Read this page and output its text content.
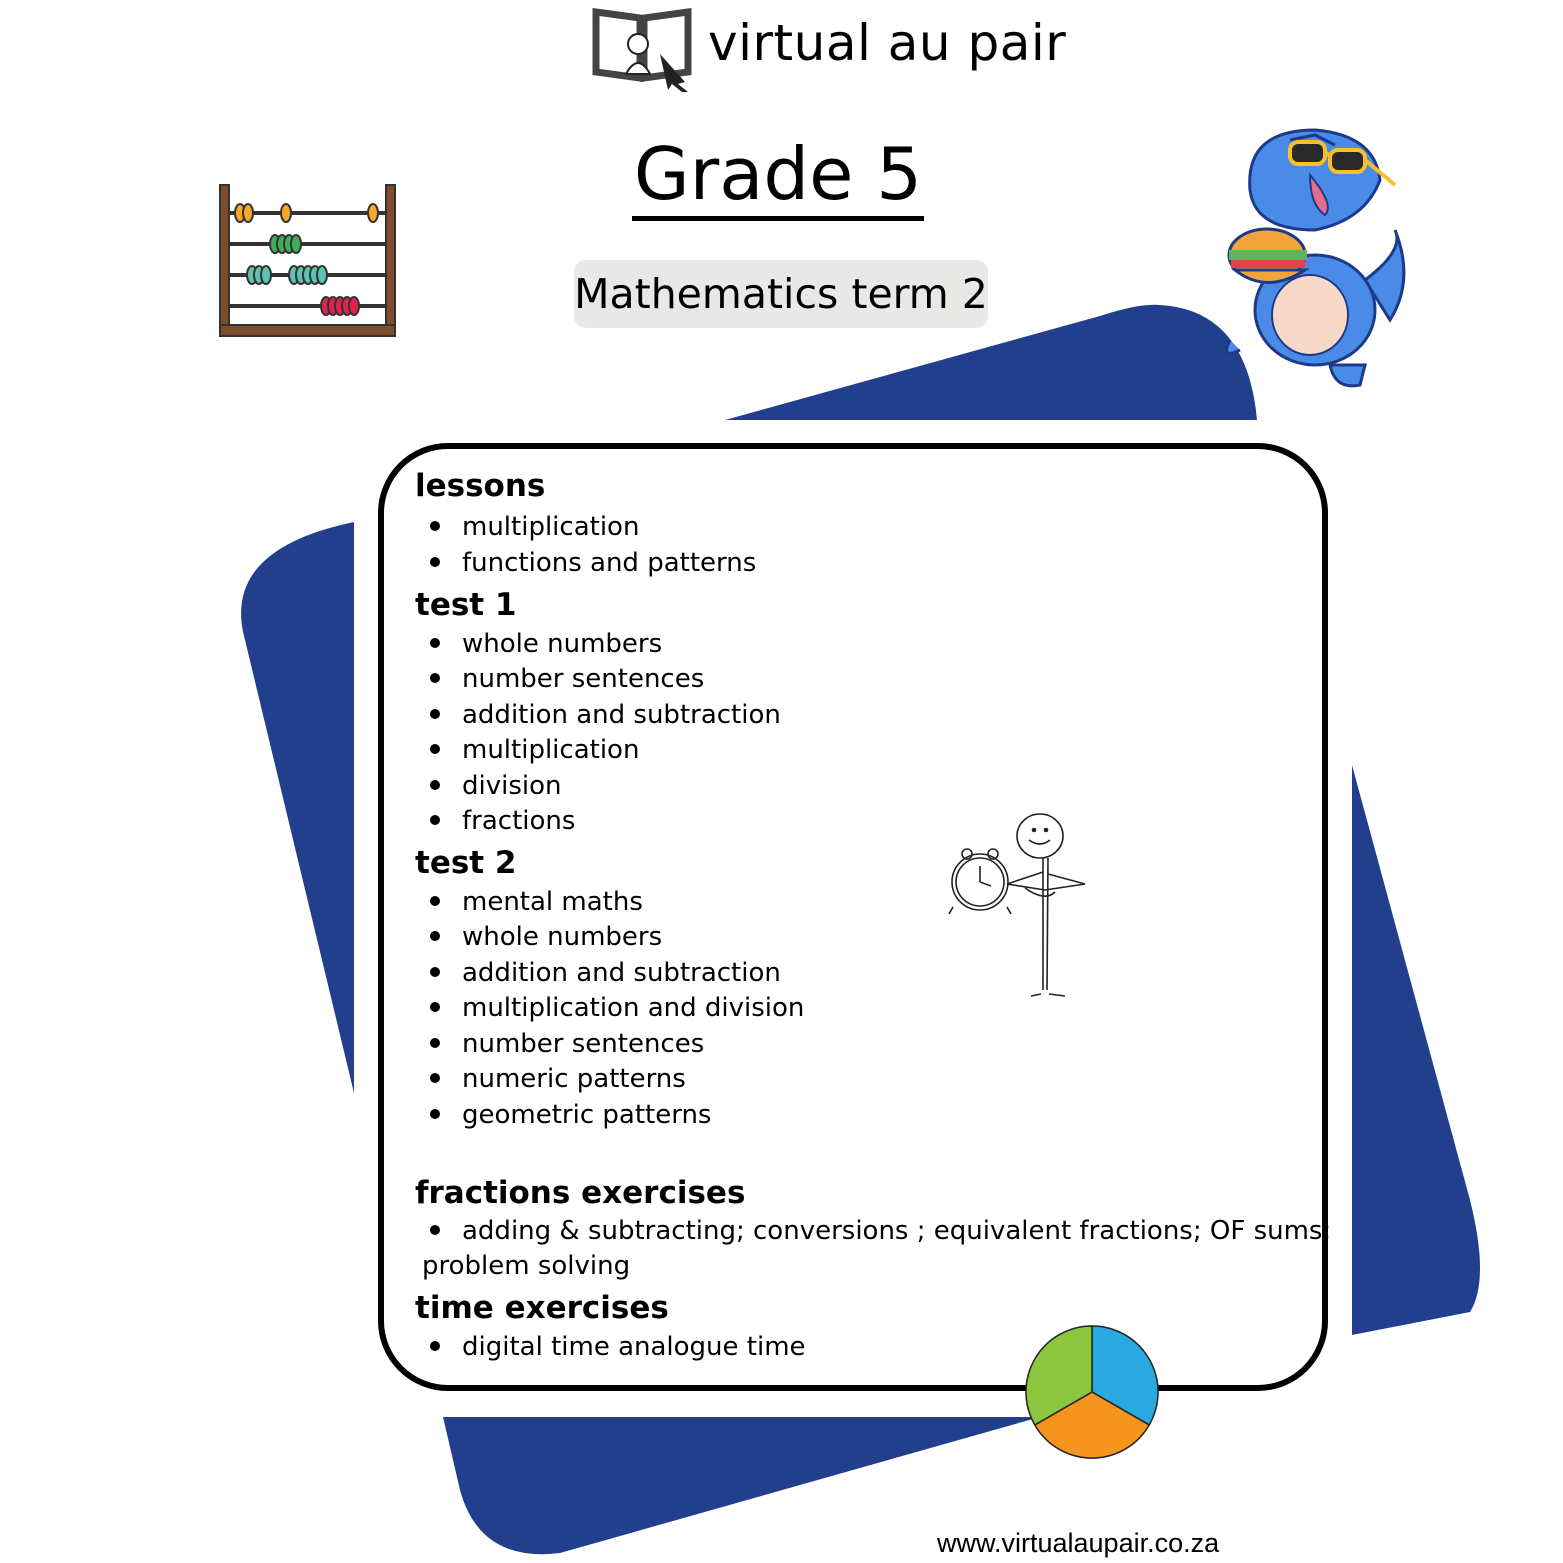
virtual au pair
Grade 5
Mathematics term 2
lessons
multiplication
functions and patterns
test 1
whole numbers
number sentences
addition and subtraction
multiplication
division
fractions
test 2
mental maths
whole numbers
addition and subtraction
multiplication and division
number sentences
numeric patterns
geometric patterns
fractions exercises
adding & subtracting; conversions ; equivalent fractions; OF sums;
problem solving
time exercises
digital time analogue time
www.virtualaupair.co.za
